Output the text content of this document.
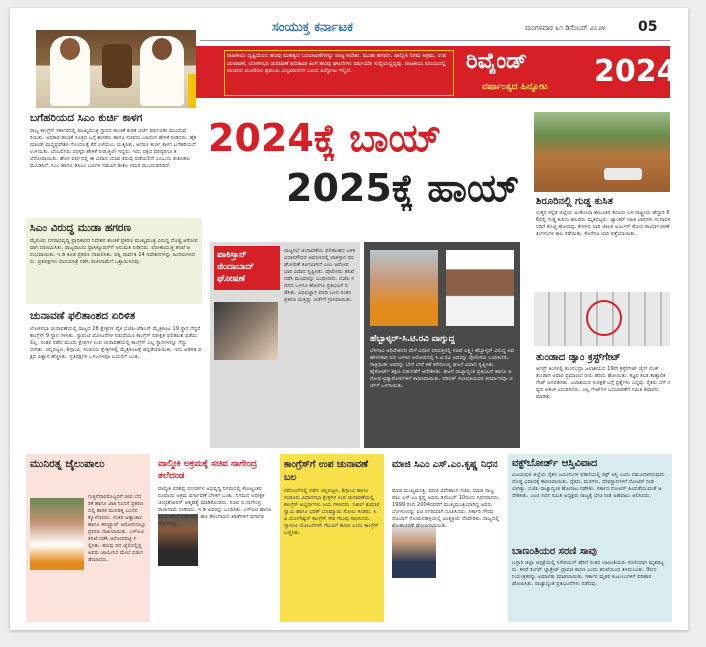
ಸಂಯುಕ್ತ ಕರ್ನಾಟಕ	ಮಂಗಳವಾರ ೩೧ ಡಿಸೆಂಬರ್ ೨೦೨೪ 05
ರಾಜಕೀಯ ದೃಷ್ಟಿಯಿಂದ ಹಲವು ಮಹತ್ವದ ಬದಲಾವಣೆಗಳನ್ನು ರಾಜ್ಯ ಕಂಡಿತು. ಮುಡಾ ಹಗರಣ, ವಾಲ್ಮೀಕಿ ನಿಗಮ ಅಕ್ರಮ, ಉಪ ಚುನಾವಣೆ, ಲೋಕಸಭಾ ಚುನಾವಣೆ ಫಲಿತಾಂಶ ಹೀಗೆ ಹಲವು ಘಟನೆಗಳು ವರ್ಷವಿಡೀ ಸುದ್ದಿಯಲ್ಲಿದ್ದವು. ರಾಜಕೀಯ ವಲಯದಲ್ಲಿ ಸಂಚಲನ ಮೂಡಿಸಿದ ಪ್ರಮುಖ ವಿದ್ಯಮಾನಗಳ ಒಂದು ಹಿನ್ನೋಟ ಇಲ್ಲಿದೆ.	ರಿವೈಂಡ್ 2024
ವರ್ಷಾಂತ್ಯದ ಹಿನ್ನೋಟ
2024ಕ್ಕೆ ಬಾಯ್
2025ಕ್ಕೆ ಹಾಯ್
ಬಗೆಹರಿಯದ ಸಿಎಂ ಕುರ್ಚಿ ಕಾಳಗ
ರಾಜ್ಯ ಕಾಂಗ್ರೆಸ್ ಸರ್ಕಾರದಲ್ಲಿ ಮುಖ್ಯಮಂತ್ರಿ ಸ್ಥಾನದ ಹಂಚಿಕೆ ಕುರಿತ ಚರ್ಚೆ ವರ್ಷವಿಡೀ ಮುಂದುವರಿಯಿತು. ಅಧಿಕಾರ ಹಂಚಿಕೆ ಸೂತ್ರದ ಬಗ್ಗೆ ಶಾಸಕರು ಹಾಗೂ ಸಚಿವರು ಬಹಿರಂಗ ಹೇಳಿಕೆ ನೀಡಿದರು. ಹೈಕಮಾಂಡ್ ಮಧ್ಯಪ್ರವೇಶಿಸಿ ಗೊಂದಲಕ್ಕೆ ತೆರೆ ಎಳೆಯಲು ಯತ್ನಿಸಿತು. ಆದರೂ ಕುರ್ಚಿ ಕಾಳಗ ಬಗೆಹರಿಯದೆ ಉಳಿಯಿತು. ಬೆಂಬಲಿಗರು ಪರಸ್ಪರ ಹೇಳಿಕೆ ನೀಡುತ್ತಲೇ ಇದ್ದರು. ಇದು ಪಕ್ಷದ ವರಿಷ್ಠರಿಗೂ ತಲೆನೋವಾಯಿತು. ಹೊಸ ವರ್ಷದಲ್ಲಿ ಈ ವಿವಾದ ಯಾವ ತಿರುವು ಪಡೆಯಲಿದೆ ಎಂಬುದು ಕುತೂಹಲ ಮೂಡಿಸಿದೆ. ಸಿಎಂ ಹಾಗೂ ಡಿಸಿಎಂ ಬಣಗಳ ನಡುವಿನ ಶೀತಲ ಸಮರ ಮುಂದುವರಿದಿದೆ.
ಸಿಎಂ ವಿರುದ್ಧ ಮುಡಾ ಹಗರಣ
ಮೈಸೂರು ನಗರಾಭಿವೃದ್ಧಿ ಪ್ರಾಧಿಕಾರದ ನಿವೇಶನ ಹಂಚಿಕೆ ಪ್ರಕರಣ ಮುಖ್ಯಮಂತ್ರಿ ವಿರುದ್ಧ ದೊಡ್ಡ ಆರೋಪವಾಗಿ ಪರಿಣಮಿಸಿತು. ರಾಜ್ಯಪಾಲರು ಪ್ರಾಸಿಕ್ಯೂಷನ್‌ಗೆ ಅನುಮತಿ ನೀಡಿದರು. ಲೋಕಾಯುಕ್ತ ತನಿಖೆ ಆರಂಭವಾಯಿತು. ಇ.ಡಿ ಕೂಡ ಪ್ರಕರಣ ದಾಖಲಿಸಿತು. ಪತ್ನಿ ಪಾರ್ವತಿ 14 ನಿವೇಶನಗಳನ್ನು ಹಿಂದಿರುಗಿಸಿದರು. ಪ್ರತಿಪಕ್ಷಗಳು ಪಾದಯಾತ್ರೆ ನಡೆಸಿ ರಾಜೀನಾಮೆಗೆ ಒತ್ತಾಯಿಸಿದವು.
ಚುನಾವಣೆ ಫಲಿತಾಂಶದ ಏರಿಳಿತ
ಲೋಕಸಭಾ ಚುನಾವಣೆಯಲ್ಲಿ ರಾಜ್ಯದ 28 ಕ್ಷೇತ್ರಗಳ ಪೈಕಿ ಬಿಜೆಪಿ-ಜೆಡಿಎಸ್ ಮೈತ್ರಿಕೂಟ 19 ಸ್ಥಾನ ಗೆದ್ದರೆ ಕಾಂಗ್ರೆಸ್ 9 ಸ್ಥಾನ ಗಳಿಸಿತು. ಗ್ಯಾರಂಟಿ ಯೋಜನೆಗಳ ನಡುವೆಯೂ ಕಾಂಗ್ರೆಸ್ ನಿರೀಕ್ಷಿತ ಫಲಿತಾಂಶ ಪಡೆಯಲಿಲ್ಲ. ನಂತರ ನಡೆದ ಮೂರು ಕ್ಷೇತ್ರಗಳ ಉಪ ಚುನಾವಣೆಯಲ್ಲಿ ಕಾಂಗ್ರೆಸ್ ಎಲ್ಲ ಸ್ಥಾನಗಳನ್ನೂ ಗೆದ್ದು ಬೀಗಿತು. ಚನ್ನಪಟ್ಟಣ, ಶಿಗ್ಗಾಂವಿ, ಸಂಡೂರು ಕ್ಷೇತ್ರಗಳಲ್ಲಿ ಮೈತ್ರಿಕೂಟಕ್ಕೆ ಹಿನ್ನಡೆಯಾಯಿತು. ಇದು ಆಡಳಿತ ಪಕ್ಷದ ವಿಶ್ವಾಸ ಹೆಚ್ಚಿಸಿತು. ಪ್ರತಿಪಕ್ಷಗಳ ಒಳಜಗಳವೂ ಬಯಲಿಗೆ ಬಂತು.
ಪಾಕಿಸ್ತಾನ್ ಜಿಂದಾಬಾದ್ ಘೋಷಣೆ
ರಾಜ್ಯಸಭೆ ಚುನಾವಣೆಯ ಫಲಿತಾಂಶದ ಬಳಿಕ ವಿಧಾನಸೌಧದ ಆವರಣದಲ್ಲಿ ಪಾಕಿಸ್ತಾನ ಪರ ಘೋಷಣೆ ಕೂಗಲಾಗಿದೆ ಎಂಬ ಆರೋಪ ಭಾರಿ ವಿವಾದ ಸೃಷ್ಟಿಸಿತು. ಪೊಲೀಸರು ತನಿಖೆ ನಡೆಸಿ ಮೂವರನ್ನು ಬಂಧಿಸಿದರು. ಬಿಜೆಪಿ ಸದನದ ಒಳಗೂ ಹೊರಗೂ ಪ್ರತಿಭಟನೆ ನಡೆಸಿತು. ವಿಧಿವಿಜ್ಞಾನ ವರದಿ ಬಂದ ನಂತರ ಪ್ರಕರಣ ಮತ್ತಷ್ಟು ಚರ್ಚೆಗೆ ಗ್ರಾಸವಾಯಿತು.
ಹೆಬ್ಬಾಳ್ಕರ್-ಸಿ.ಟಿ.ರವಿ ವಾಗ್ಯುದ್ಧ
ಬೆಳಗಾವಿ ಅಧಿವೇಶನದ ವೇಳೆ ವಿಧಾನ ಪರಿಷತ್ತಿನಲ್ಲಿ ಸಚಿವೆ ಲಕ್ಷ್ಮೀ ಹೆಬ್ಬಾಳ್ಕರ್ ವಿರುದ್ಧ ಅವಹೇಳನಕಾರಿ ಪದ ಬಳಸಿದ ಆರೋಪದಲ್ಲಿ ಸಿ.ಟಿ.ರವಿ ಅವರನ್ನು ಪೊಲೀಸರು ಬಂಧಿಸಿದರು. ರಾತ್ರಿಯಿಡೀ ಅವರನ್ನು ಬೇರೆ ಬೇರೆ ಕಡೆ ಕರೆದೊಯ್ದ ಘಟನೆ ವಿವಾದ ಸೃಷ್ಟಿಸಿತು. ಹೈಕೋರ್ಟ್ ತಕ್ಷಣ ಬಿಡುಗಡೆಗೆ ಆದೇಶಿಸಿತು. ಘಟನೆ ರಾಜ್ಯಾದ್ಯಂತ ಪ್ರತಿಭಟನೆ ಹಾಗೂ ಆರೋಪ-ಪ್ರತ್ಯಾರೋಪಗಳಿಗೆ ಕಾರಣವಾಯಿತು. ಪರಿಷತ್ ಸಭಾಪತಿಯವರ ತೀರ್ಮಾನವೂ ಚರ್ಚೆಗೆ ಒಳಗಾಯಿತು.
ಶಿರೂರಿನಲ್ಲಿ ಗುಡ್ಡ ಕುಸಿತ
ಉತ್ತರ ಕನ್ನಡ ಜಿಲ್ಲೆಯ ಅಂಕೋಲಾ ತಾಲೂಕಿನ ಶಿರೂರು ಬಳಿ ರಾಷ್ಟ್ರೀಯ ಹೆದ್ದಾರಿ 66ರಲ್ಲಿ ಗುಡ್ಡ ಕುಸಿದು ಹಲವರು ಮೃತಪಟ್ಟರು. ಟ್ಯಾಂಕರ್ ಸಹಿತ ಲಾರಿಗಳು ಗಂಗಾವಳಿ ನದಿಗೆ ಕೊಚ್ಚಿ ಹೋದವು. ಕೇರಳದ ಲಾರಿ ಚಾಲಕ ಅರ್ಜುನ್ ಶೋಧ ಕಾರ್ಯಾಚರಣೆ ತಿಂಗಳುಗಳ ಕಾಲ ನಡೆಯಿತು. ಕೊನೆಗೂ ಲಾರಿ ಪತ್ತೆಯಾಯಿತು.
ತುಂಡಾದ ಡ್ಯಾಂ ಕ್ರಸ್ಟ್‌ಗೇಟ್
ಆಗಸ್ಟ್ ತಿಂಗಳಲ್ಲಿ ತುಂಗಭದ್ರಾ ಜಲಾಶಯದ 19ನೇ ಕ್ರಸ್ಟ್‌ಗೇಟ್ ಚೈನ್ ಲಿಂಕ್ ತುಂಡಾಗಿ ಅಪಾರ ಪ್ರಮಾಣದ ನೀರು ಹರಿದು ಹೋಯಿತು. ತಜ್ಞರ ತಂಡ ತಾತ್ಕಾಲಿಕ ಗೇಟ್ ಅಳವಡಿಸಿತು. ಜಲಾಶಯದ ಸುರಕ್ಷತೆ ಬಗ್ಗೆ ಪ್ರಶ್ನೆಗಳು ಎದ್ದವು. ರೈತರು ಬೆಳೆ ನಷ್ಟದ ಆತಂಕ ಎದುರಿಸಿದರು. ಎಲ್ಲ ಗೇಟ್‌ಗಳ ಬದಲಾವಣೆಗೆ ಸಮಿತಿ ಶಿಫಾರಸು ಮಾಡಿತು.
ಮುನಿರತ್ನ ಜೈಲುಪಾಲು
ಗುತ್ತಿಗೆದಾರರೊಬ್ಬರಿಗೆ ಜೀವ ಬೆದರಿಕೆ ಹಾಗೂ ಜಾತಿ ನಿಂದನೆ ಪ್ರಕರಣದಲ್ಲಿ ಶಾಸಕ ಮುನಿರತ್ನ ಬಂಧನಕ್ಕೊಳಗಾದರು. ನಂತರ ಅತ್ಯಾಚಾರ ಹಾಗೂ ಹನಿಟ್ರ್ಯಾಪ್ ಆರೋಪದಲ್ಲೂ ಪ್ರಕರಣ ದಾಖಲಾಯಿತು. ಎಸ್ಐಟಿ ತನಿಖೆ ನಡೆಸಿ ಆರೋಪಪಟ್ಟಿ ಸಲ್ಲಿಸಿತು. ಹಲವು ದಿನ ಜೈಲಿನಲ್ಲಿದ್ದ ಅವರು ಜಾಮೀನಿನ ಮೇಲೆ ಬಿಡುಗಡೆಯಾದರು.
ವಾಲ್ಮೀಕಿ ಅಕ್ರಮಕ್ಕೆ ಸಚಿವ ನಾಗೇಂದ್ರ ತಲೆದಂಡ
ವಾಲ್ಮೀಕಿ ಪರಿಶಿಷ್ಟ ಪಂಗಡಗಳ ಅಭಿವೃದ್ಧಿ ನಿಗಮದಲ್ಲಿ ಕೋಟ್ಯಂತರ ರೂಪಾಯಿ ಅಕ್ರಮ ವರ್ಗಾವಣೆ ಬೆಳಕಿಗೆ ಬಂತು. ನಿಗಮದ ಅಧೀಕ್ಷಕ ಚಂದ್ರಶೇಖರನ್ ಆತ್ಮಹತ್ಯೆ ಮಾಡಿಕೊಂಡರು. ಸಚಿವ ಬಿ.ನಾಗೇಂದ್ರ ರಾಜೀನಾಮೆ ನೀಡಿದರು. ಇ.ಡಿ ಅವರನ್ನು ಬಂಧಿಸಿತು. ಎಸ್ಐಟಿ ಹಾಗೂ ಸಿಬಿಐ ತನಿಖೆ ನಡೆಸಿದವು. ಹಣ ತೆಲಂಗಾಣದ ಖಾತೆಗಳಿಗೆ ವರ್ಗಾವಣೆಯಾಗಿತ್ತು.
ಕಾಂಗ್ರೆಸ್‌ಗೆ ಉಪ ಚುನಾವಣೆ ಬಲ
ನವೆಂಬರ್‌ನಲ್ಲಿ ನಡೆದ ಚನ್ನಪಟ್ಟಣ, ಶಿಗ್ಗಾಂವಿ ಹಾಗೂ ಸಂಡೂರು ವಿಧಾನಸಭಾ ಕ್ಷೇತ್ರಗಳ ಉಪ ಚುನಾವಣೆಯಲ್ಲಿ ಕಾಂಗ್ರೆಸ್ ಅಭ್ಯರ್ಥಿಗಳು ಜಯ ಗಳಿಸಿದರು. ನಿಖಿಲ್ ಕುಮಾರಸ್ವಾಮಿ ಹಾಗೂ ಭರತ್ ಬೊಮ್ಮಾಯಿ ಸೋಲು ಕಂಡರು. ಸಿ.ಪಿ.ಯೋಗೇಶ್ವರ್ ಕಾಂಗ್ರೆಸ್ ಸೇರಿ ಗೆಲುವು ಸಾಧಿಸಿದರು. ಗ್ಯಾರಂಟಿ ಯೋಜನೆಗಳೇ ಗೆಲುವಿಗೆ ಕಾರಣ ಎಂದು ಕಾಂಗ್ರೆಸ್ ಬಣ್ಣಿಸಿತು.
ಮಾಜಿ ಸಿಎಂ ಎಸ್.ಎಂ.ಕೃಷ್ಣ ನಿಧನ
ಮಾಜಿ ಮುಖ್ಯಮಂತ್ರಿ, ಮಾಜಿ ವಿದೇಶಾಂಗ ಸಚಿವ, ಮಾಜಿ ರಾಜ್ಯಪಾಲ ಎಸ್.ಎಂ.ಕೃಷ್ಣ ಅವರು ಡಿಸೆಂಬರ್ 10ರಂದು ನಿಧನರಾದರು. 1999 ರಿಂದ 2004ರವರೆಗೆ ಮುಖ್ಯಮಂತ್ರಿಯಾಗಿದ್ದ ಅವರು ಬೆಂಗಳೂರನ್ನು ಐಟಿ ನಗರಿಯಾಗಿ ರೂಪಿಸಿದರು. ಸರ್ಕಾರಿ ಗೌರವದೊಂದಿಗೆ ಸೋಮನಹಳ್ಳಿಯಲ್ಲಿ ಅಂತ್ಯಕ್ರಿಯೆ ನೆರವೇರಿತು. ರಾಜ್ಯದಲ್ಲಿ ಶೋಕಾಚರಣೆ ಘೋಷಿಸಲಾಯಿತು.
ವಕ್ಫ್‌ಬೋರ್ಡ್ ಆಸ್ತಿವಿವಾದ
ವಿಜಯಪುರ ಜಿಲ್ಲೆಯ ರೈತರ ಜಮೀನುಗಳ ಪಹಣಿಯಲ್ಲಿ ವಕ್ಫ್ ಆಸ್ತಿ ಎಂದು ನಮೂದಾಗಿರುವುದು ದೊಡ್ಡ ವಿವಾದಕ್ಕೆ ಕಾರಣವಾಯಿತು. ರೈತರು, ಮಠಗಳು, ದೇವಸ್ಥಾನಗಳಿಗೆ ನೋಟಿಸ್ ನೀಡಲಾಗಿತ್ತು. ಬಿಜೆಪಿ ರಾಜ್ಯಾದ್ಯಂತ ಹೋರಾಟ ನಡೆಸಿತು. ಸರ್ಕಾರ ನೋಟಿಸ್ ಹಿಂಪಡೆಯುವಂತೆ ಆದೇಶಿಸಿತು. ಜಂಟಿ ಸದನ ಸಮಿತಿ ಅಧ್ಯಕ್ಷರು ರಾಜ್ಯಕ್ಕೆ ಭೇಟಿ ನೀಡಿ ಅಹವಾಲು ಆಲಿಸಿದರು.
ಬಾಣಂತಿಯರ ಸರಣಿ ಸಾವು
ಬಳ್ಳಾರಿ ಜಿಲ್ಲಾ ಆಸ್ಪತ್ರೆಯಲ್ಲಿ ಸಿಸೇರಿಯನ್ ಹೆರಿಗೆ ನಂತರ ಬಾಣಂತಿಯರು ಸರಣಿಯಾಗಿ ಮೃತಪಟ್ಟರು. ಕಳಪೆ ರಿಂಗರ್ ಲ್ಯಾಕ್ಟೇಟ್ ದ್ರಾವಣ ಕಾರಣ ಎಂದು ತನಿಖೆಯಿಂದ ತಿಳಿದುಬಂತು. ಔಷಧ ನಿಯಂತ್ರಕರನ್ನು ಅಮಾನತು ಮಾಡಲಾಯಿತು. ಸರ್ಕಾರ ಮೃತರ ಕುಟುಂಬಗಳಿಗೆ ಪರಿಹಾರ ಘೋಷಿಸಿತು. ರಾಜ್ಯಾದ್ಯಂತ ಪ್ರತಿಭಟನೆಗಳು ನಡೆದವು.
